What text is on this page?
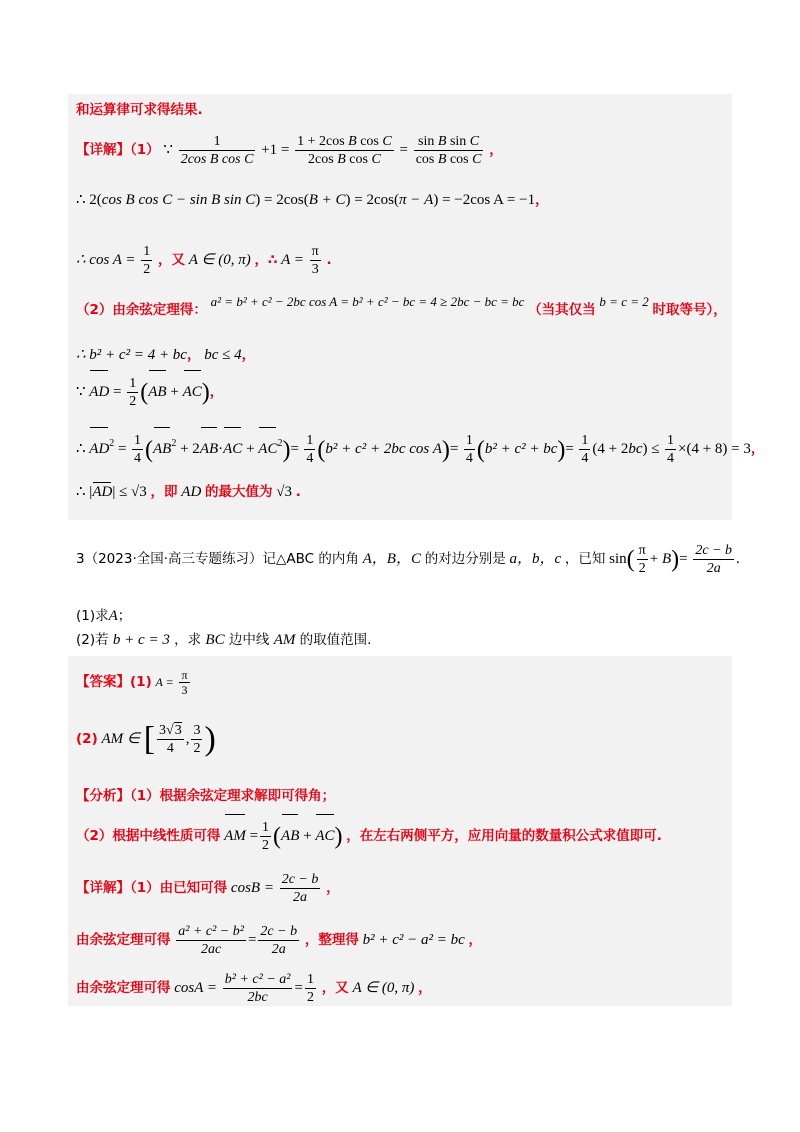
和运算律可求得结果.
【详解】（1） ∵ $\frac{1}{\text{2cos B cos C}} +1 = \frac{\text{1 + 2cos B cos C}}{\text{2cos B cos C}} = \frac{\text{sin B sin C}}{\text{cos B cos C}}$ ，
∴ 2(cos B cos C − sin B sin C) = 2cos(B + C) = 2cos(π − A) = −2cos A = −1，
∴ $\cos A = \frac{1}{2}$ ，又 A ∈ (0, π) ，∴ $A = \frac{\pi}{3}$ .
（2）由余弦定理得： a² = b² + c² − 2bc cos A = b² + c² − bc = 4 ≥ 2bc − bc = bc （当其仅当 b = c = 2 时取等号），
∴ b² + c² = 4 + bc， bc ≤ 4，
∵ AD = $\frac{1}{2} (AB + AC)$，
∴ $AD^2 = \frac{1}{4} (AB^2 + 2AB\cdot AC + AC^2)= \frac{1}{4} (b^2 + c^2 + 2bc$ $\cos A)= \frac{1}{4} (b^2 + c^2 + bc)= \frac{1}{4} (4 + 2bc) \le \frac{1}{4} \times(4 + 8) = 3$，
∴ |AD| ≤ √3 ，即 AD 的最大值为 √3 .
3（2023·全国·高三专题练习）记△ABC 的内角 A，B，C 的对边分别是 a，b，c ，已知 $\sin( \frac{\pi}{2} + B)= \frac{2c - b}{2a}$ .
(1)求A；
(2)若 b + c = 3 ，求 BC 边中线 AM 的取值范围.
【答案】(1) $A = \frac{\pi}{3}$
(2) AM ∈ [ $\frac{3√3}{4}$ , $\frac{3}{2}$ )
【分析】（1）根据余弦定理求解即可得角；
（2）根据中线性质可得 AM = $\frac{1}{2} (AB + AC)$ ，在左右两侧平方，应用向量的数量积公式求值即可.
【详解】（1）由已知可得 $\cos B = \frac{2c - b}{2a}$ ，
由余弦定理可得 $\frac{\text{a² + c² − b²}}{2ac} = \frac{2c - b}{2a}$ ，整理得 b² + c² − a² = bc ，
由余弦定理可得 $\cos A = \frac{\text{b² + c² − a²}}{2bc} = \frac{1}{2}$ ，又 A ∈ (0, π) ，
